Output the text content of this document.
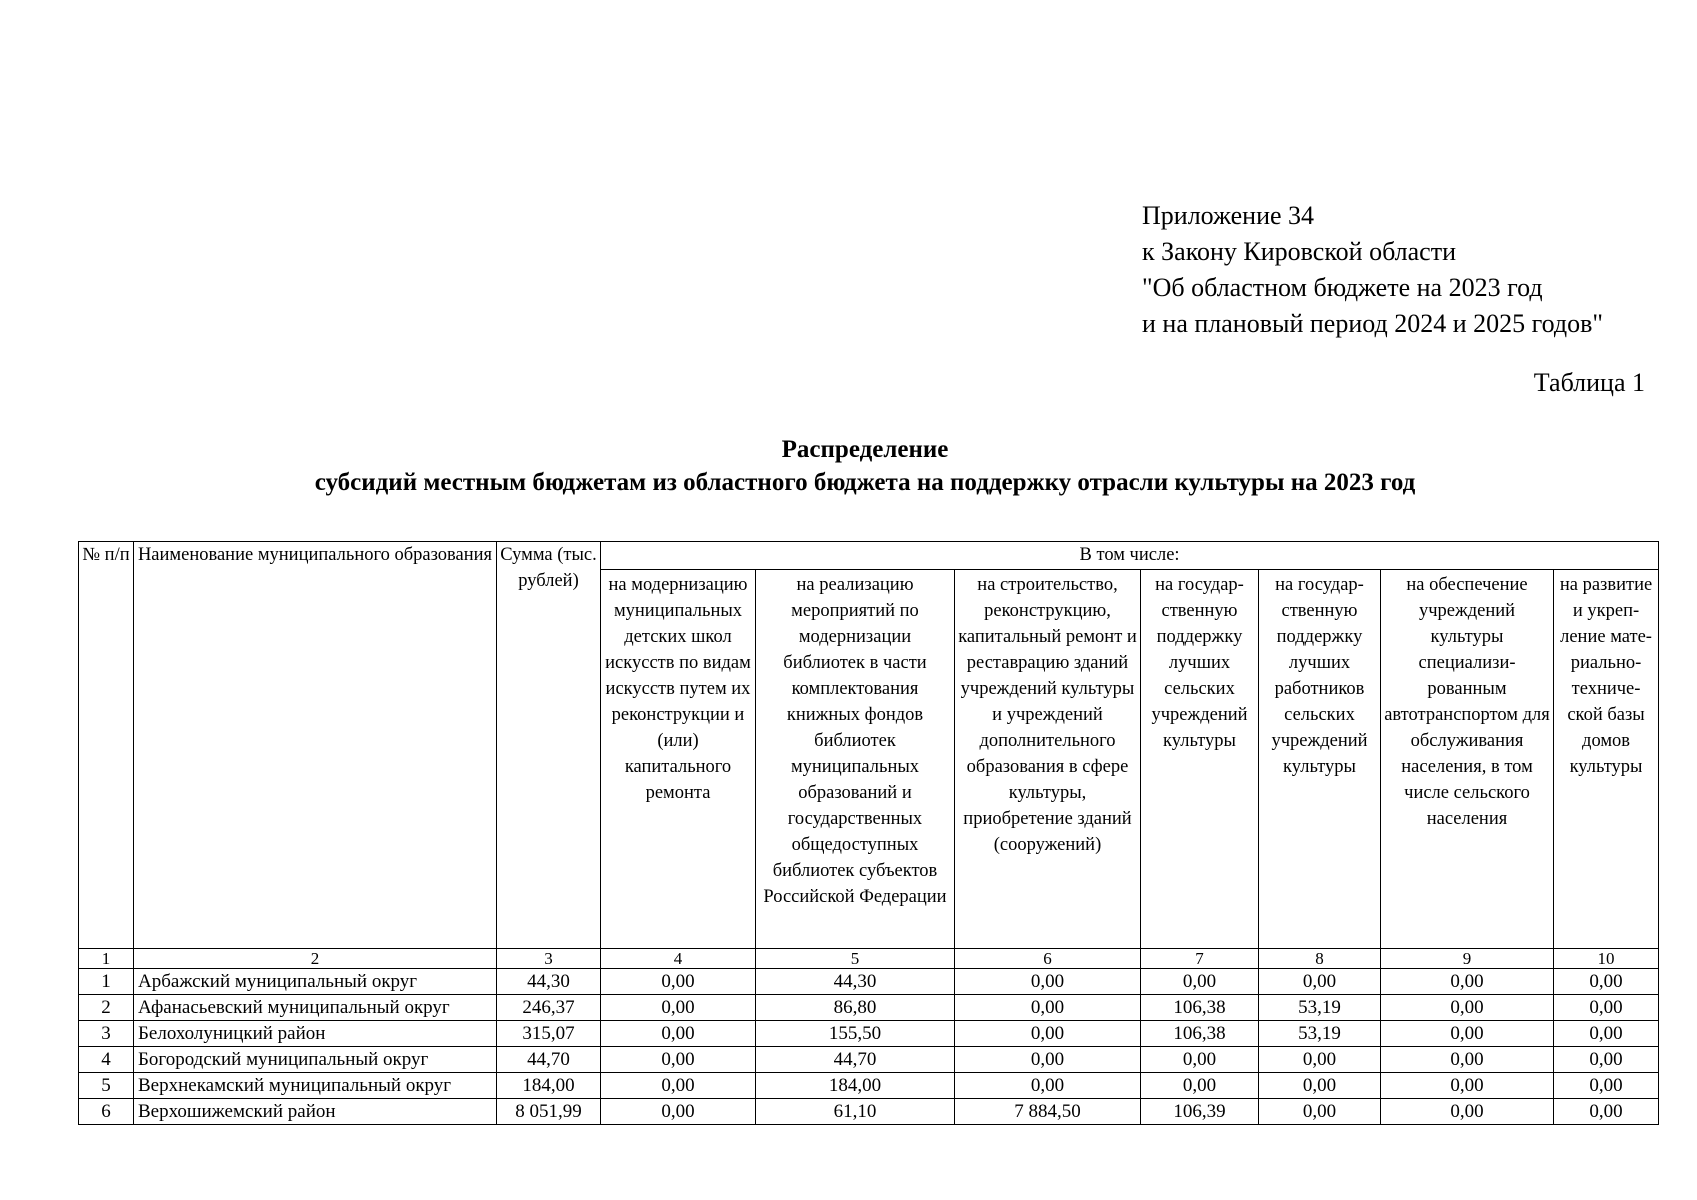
Приложение 34
к Закону Кировской области
"Об областном бюджете на 2023 год
и на плановый период 2024 и 2025 годов"
Таблица 1
Распределение
субсидий местным бюджетам из областного бюджета на поддержку отрасли культуры на 2023 год
№ п/п	Наименование муниципального образования	Сумма (тыс. рублей)	В том числе:						
			на модернизацию муниципальных детских школ искусств по видам искусств путем их реконструкции и (или) капитального ремонта	на реализацию мероприятий по модернизации библиотек в части комплектования книжных фондов библиотек муниципальных образований и государственных общедоступных библиотек субъектов Российской Федерации	на строительство, реконструкцию, капитальный ремонт и реставрацию зданий учреждений культуры и учреждений дополнительного образования в сфере культуры, приобретение зданий (сооружений)	на государ-ственную поддержку лучших сельских учреждений культуры	на государ-ственную поддержку лучших работников сельских учреждений культуры	на обеспечение учреждений культуры специализи-рованным автотранспортом для обслуживания населения, в том числе сельского населения	на развитие и укреп-ление мате-риально-техниче-ской базы домов культуры
1	2	3	4	5	6	7	8	9	10
1	Арбажский муниципальный округ	44,30	0,00	44,30	0,00	0,00	0,00	0,00	0,00
2	Афанасьевский муниципальный округ	246,37	0,00	86,80	0,00	106,38	53,19	0,00	0,00
3	Белохолуницкий район	315,07	0,00	155,50	0,00	106,38	53,19	0,00	0,00
4	Богородский муниципальный округ	44,70	0,00	44,70	0,00	0,00	0,00	0,00	0,00
5	Верхнекамский муниципальный округ	184,00	0,00	184,00	0,00	0,00	0,00	0,00	0,00
6	Верхошижемский район	8 051,99	0,00	61,10	7 884,50	106,39	0,00	0,00	0,00
